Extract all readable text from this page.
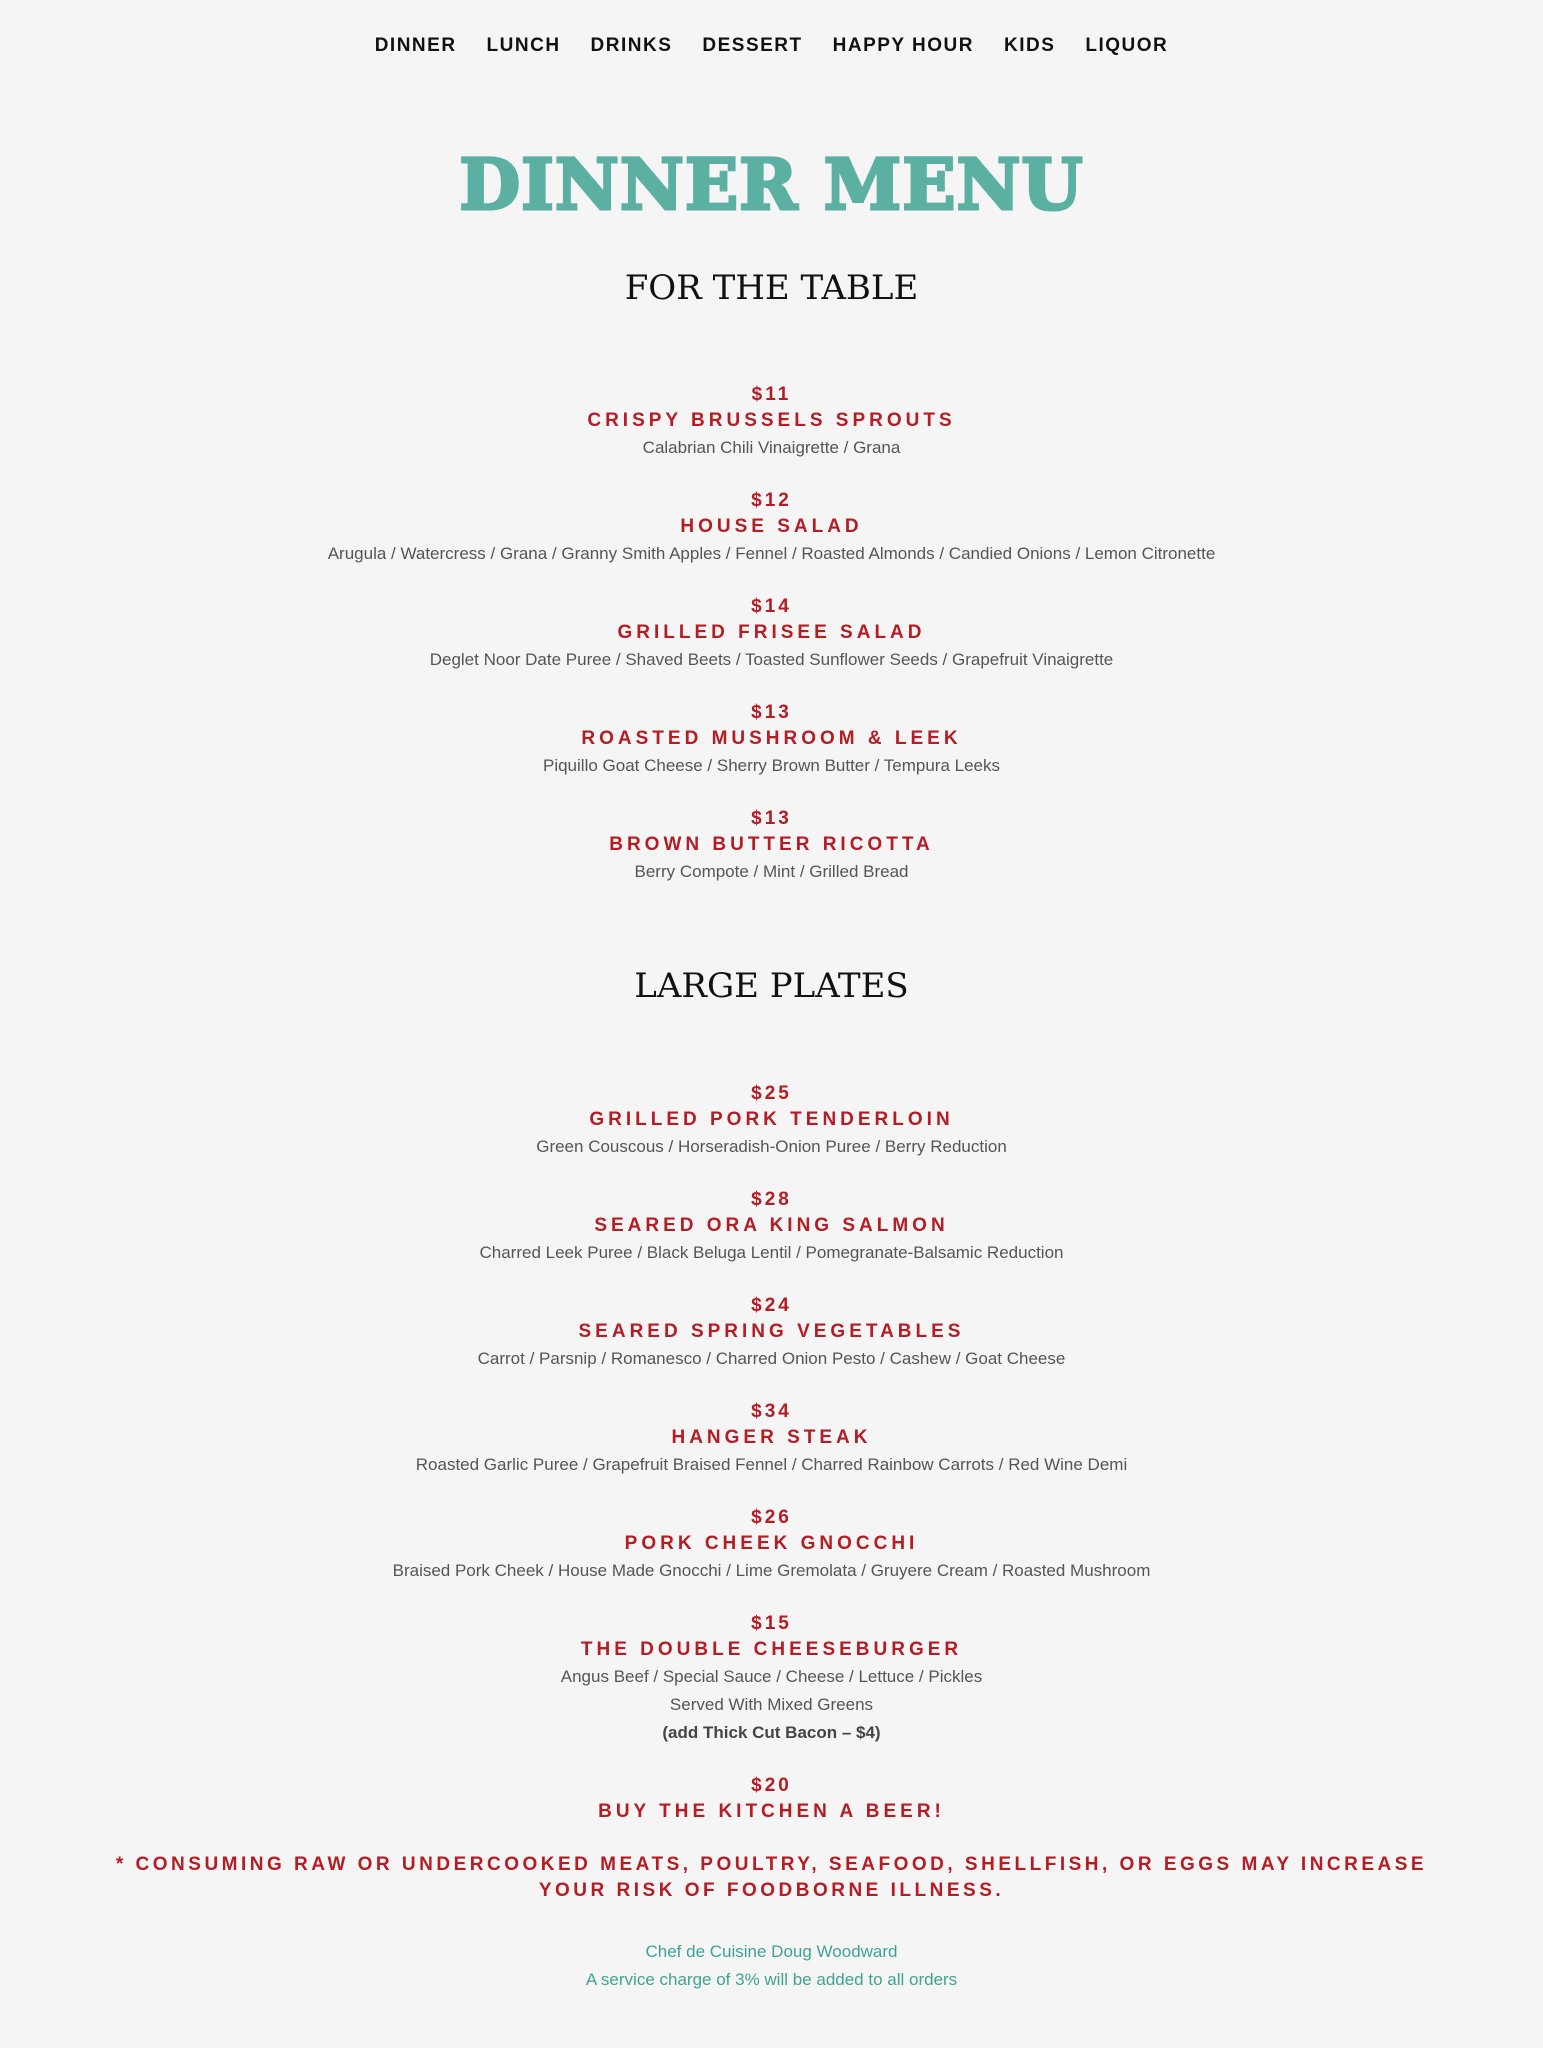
DINNER	LUNCH	DRINKS	DESSERT	HAPPY HOUR	KIDS	LIQUOR
DINNER MENU
FOR THE TABLE
$11
CRISPY BRUSSELS SPROUTS
Calabrian Chili Vinaigrette / Grana
$12
HOUSE SALAD
Arugula / Watercress / Grana / Granny Smith Apples / Fennel / Roasted Almonds / Candied Onions / Lemon Citronette
$14
GRILLED FRISEE SALAD
Deglet Noor Date Puree / Shaved Beets / Toasted Sunflower Seeds / Grapefruit Vinaigrette
$13
ROASTED MUSHROOM & LEEK
Piquillo Goat Cheese / Sherry Brown Butter / Tempura Leeks
$13
BROWN BUTTER RICOTTA
Berry Compote / Mint / Grilled Bread
LARGE PLATES
$25
GRILLED PORK TENDERLOIN
Green Couscous / Horseradish-Onion Puree / Berry Reduction
$28
SEARED ORA KING SALMON
Charred Leek Puree / Black Beluga Lentil / Pomegranate-Balsamic Reduction
$24
SEARED SPRING VEGETABLES
Carrot / Parsnip / Romanesco / Charred Onion Pesto / Cashew / Goat Cheese
$34
HANGER STEAK
Roasted Garlic Puree / Grapefruit Braised Fennel / Charred Rainbow Carrots / Red Wine Demi
$26
PORK CHEEK GNOCCHI
Braised Pork Cheek / House Made Gnocchi / Lime Gremolata / Gruyere Cream / Roasted Mushroom
$15
THE DOUBLE CHEESEBURGER
Angus Beef / Special Sauce / Cheese / Lettuce / Pickles
Served With Mixed Greens
(add Thick Cut Bacon – $4)
$20
BUY THE KITCHEN A BEER!
* CONSUMING RAW OR UNDERCOOKED MEATS, POULTRY, SEAFOOD, SHELLFISH, OR EGGS MAY INCREASE YOUR RISK OF FOODBORNE ILLNESS.
Chef de Cuisine Doug Woodward
A service charge of 3% will be added to all orders
